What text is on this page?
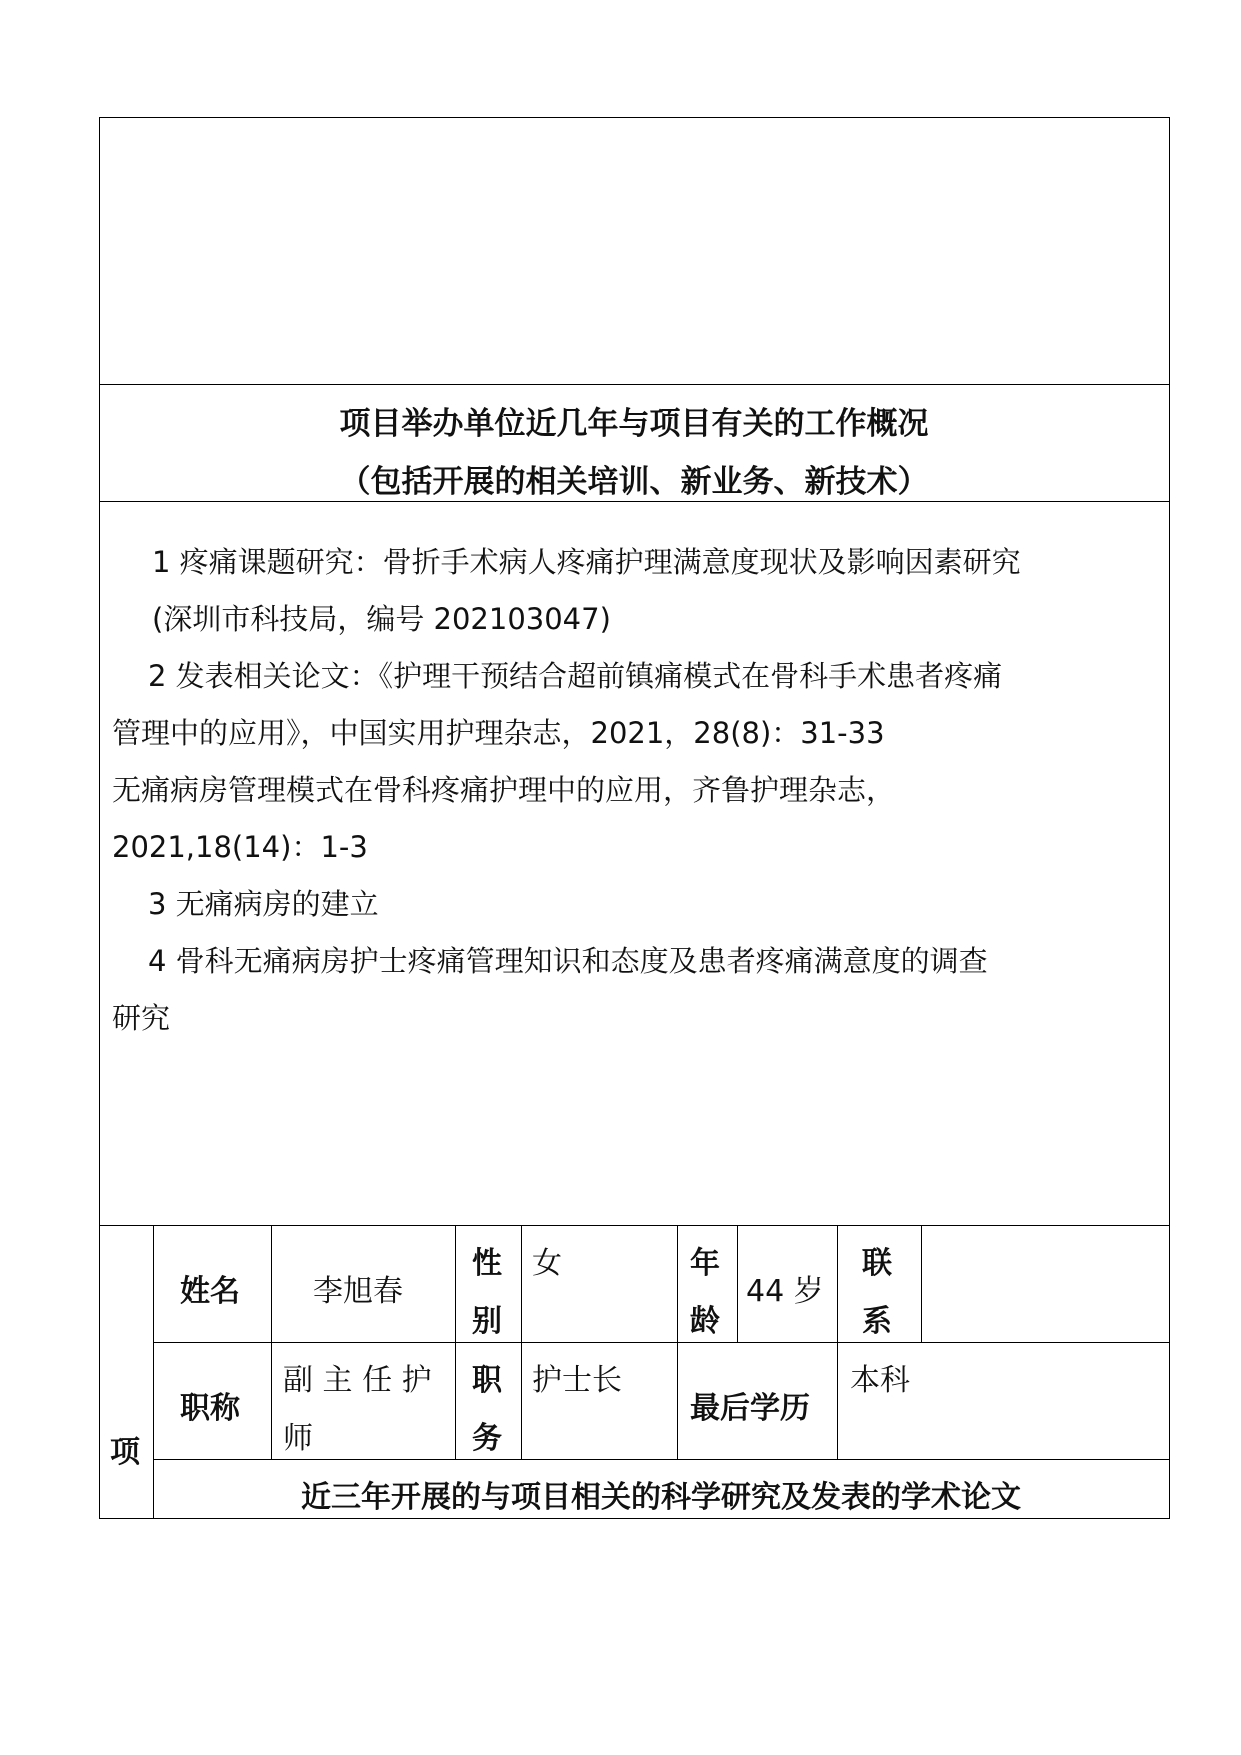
项目举办单位近几年与项目有关的工作概况
（包括开展的相关培训、新业务、新技术）
1 疼痛课题研究：骨折手术病人疼痛护理满意度现状及影响因素研究
(深圳市科技局，编号 202103047)
2 发表相关论文：《护理干预结合超前镇痛模式在骨科手术患者疼痛
管理中的应用》，中国实用护理杂志，2021，28(8)：31-33
无痛病房管理模式在骨科疼痛护理中的应用，齐鲁护理杂志，
2021,18(14)：1-3
3 无痛病房的建立
4 骨科无痛病房护士疼痛管理知识和态度及患者疼痛满意度的调查
研究
项
姓名 李旭春
性
别
女	年
龄
44 岁
联
系
职称
副 主 任 护
师
职
务
护士长
最后学历
本科
近三年开展的与项目相关的科学研究及发表的学术论文
